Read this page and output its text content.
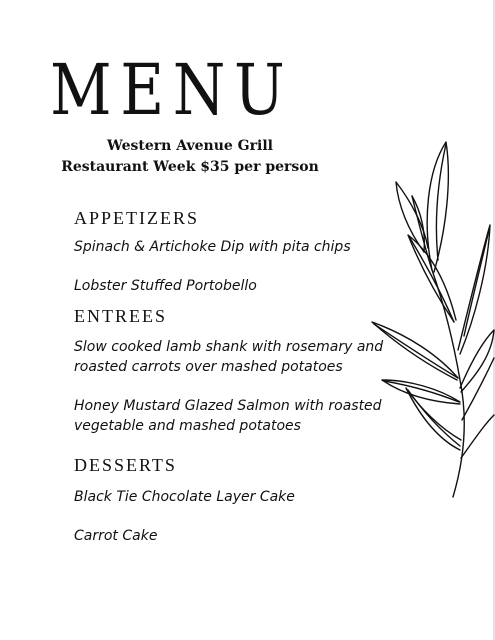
MENU
Western Avenue Grill
Restaurant Week $35 per person
APPETIZERS
Spinach & Artichoke Dip with pita chips
Lobster Stuffed Portobello
ENTREES
Slow cooked lamb shank with rosemary and roasted carrots over mashed potatoes
Honey Mustard Glazed Salmon with roasted vegetable and mashed potatoes
DESSERTS
Black Tie Chocolate Layer Cake
Carrot Cake
